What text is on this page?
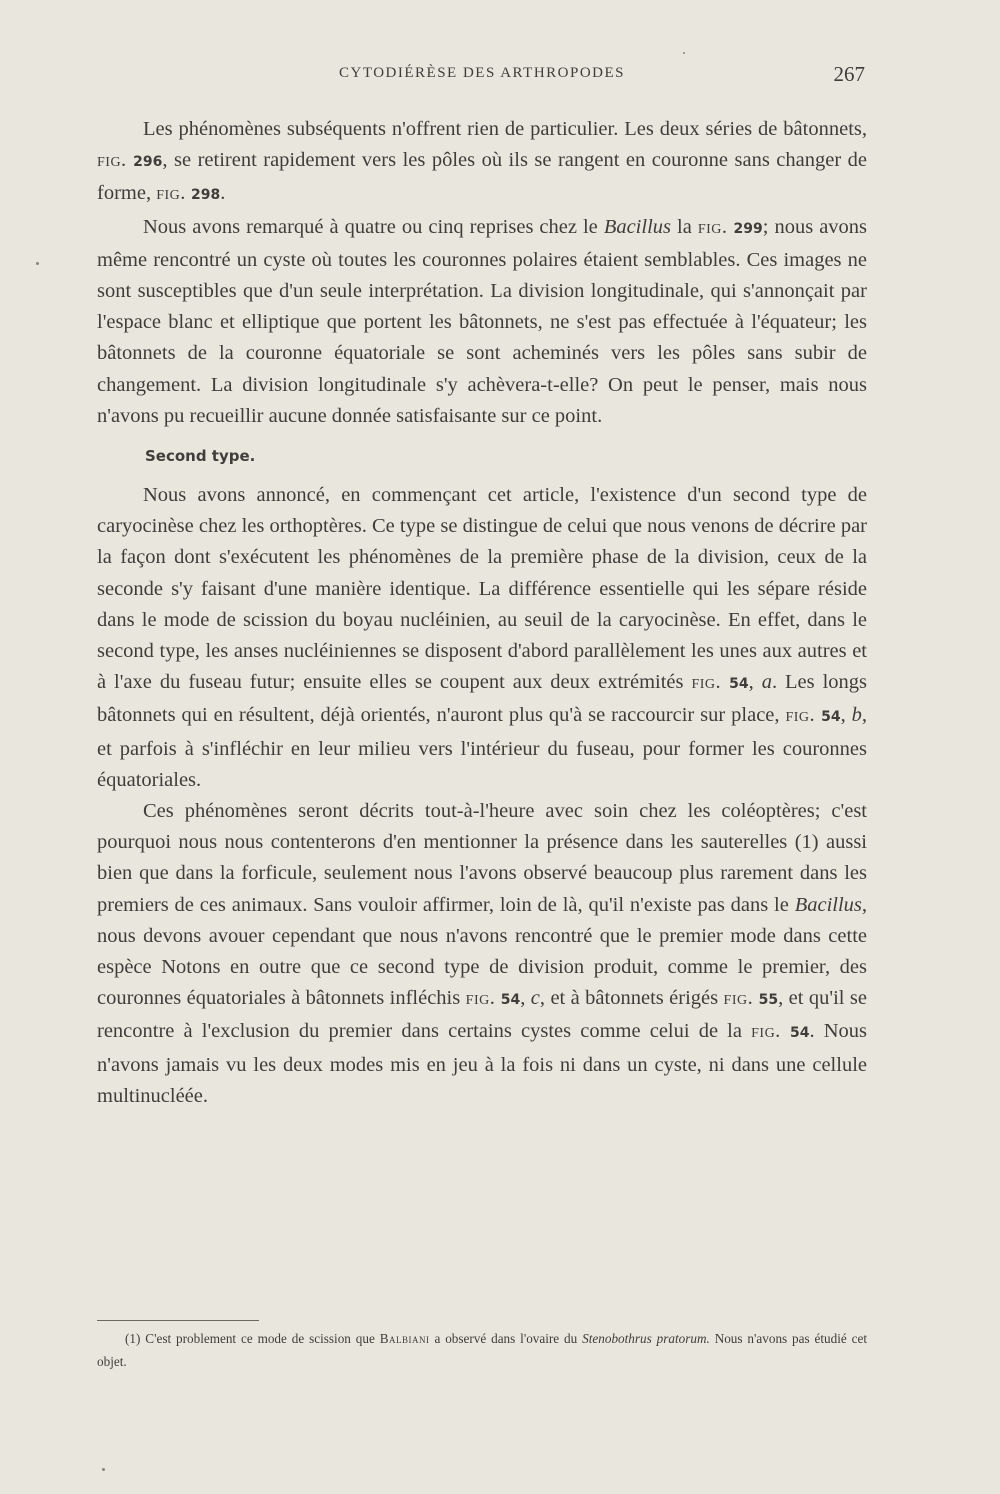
CYTODIÉRÈSE DES ARTHROPODES	267

Les phénomènes subséquents n'offrent rien de particulier. Les deux séries de bâtonnets, fig. 296, se retirent rapidement vers les pôles où ils se rangent en couronne sans changer de forme, fig. 298.

Nous avons remarqué à quatre ou cinq reprises chez le Bacillus la fig. 299; nous avons même rencontré un cyste où toutes les couronnes polaires étaient semblables. Ces images ne sont susceptibles que d'un seule interprétation. La division longitudinale, qui s'annonçait par l'espace blanc et elliptique que portent les bâtonnets, ne s'est pas effectuée à l'équateur; les bâtonnets de la couronne équatoriale se sont acheminés vers les pôles sans subir de changement. La division longitudinale s'y achèvera-t-elle? On peut le penser, mais nous n'avons pu recueillir aucune donnée satisfaisante sur ce point.

Second type.

Nous avons annoncé, en commençant cet article, l'existence d'un second type de caryocinèse chez les orthoptères. Ce type se distingue de celui que nous venons de décrire par la façon dont s'exécutent les phénomènes de la première phase de la division, ceux de la seconde s'y faisant d'une manière identique. La différence essentielle qui les sépare réside dans le mode de scission du boyau nucléinien, au seuil de la caryocinèse. En effet, dans le second type, les anses nucléiniennes se disposent d'abord parallèlement les unes aux autres et à l'axe du fuseau futur; ensuite elles se coupent aux deux extrémités fig. 54, a. Les longs bâtonnets qui en résultent, déjà orientés, n'auront plus qu'à se raccourcir sur place, fig. 54, b, et parfois à s'infléchir en leur milieu vers l'intérieur du fuseau, pour former les couronnes équatoriales.

Ces phénomènes seront décrits tout-à-l'heure avec soin chez les coléoptères; c'est pourquoi nous nous contenterons d'en mentionner la présence dans les sauterelles (1) aussi bien que dans la forficule, seulement nous l'avons observé beaucoup plus rarement dans les premiers de ces animaux. Sans vouloir affirmer, loin de là, qu'il n'existe pas dans le Bacillus, nous devons avouer cependant que nous n'avons rencontré que le premier mode dans cette espèce Notons en outre que ce second type de division produit, comme le premier, des couronnes équatoriales à bâtonnets infléchis fig. 54, c, et à bâtonnets érigés fig. 55, et qu'il se rencontre à l'exclusion du premier dans certains cystes comme celui de la fig. 54. Nous n'avons jamais vu les deux modes mis en jeu à la fois ni dans un cyste, ni dans une cellule multinucléée.

(1) C'est problement ce mode de scission que Balbiani a observé dans l'ovaire du Stenobothrus pratorum. Nous n'avons pas étudié cet objet.
